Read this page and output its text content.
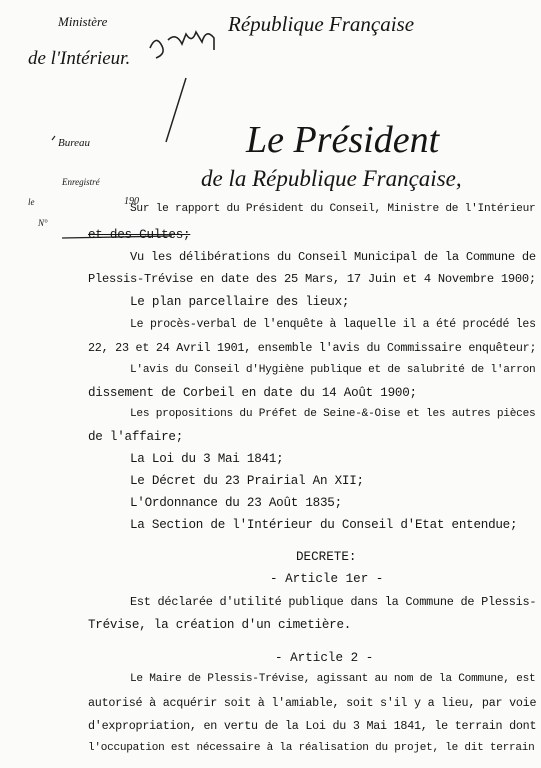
Ministère
de l'Intérieur.
République Française
Bureau
Enregistré
le	190
N°
Le Président
de la République Française,
Sur le rapport du Président du Conseil, Ministre de l'Intérieur
et des Cultes;
Vu les délibérations du Conseil Municipal de la Commune de
Plessis-Trévise en date des 25 Mars, 17 Juin et 4 Novembre 1900;
Le plan parcellaire des lieux;
Le procès-verbal de l'enquête à laquelle il a été procédé les
22, 23 et 24 Avril 1901, ensemble l'avis du Commissaire enquêteur;
L'avis du Conseil d'Hygiène publique et de salubrité de l'arron
dissement de Corbeil en date du 14 Août 1900;
Les propositions du Préfet de Seine-&-Oise et les autres pièces
de l'affaire;
La Loi du 3 Mai 1841;
Le Décret du 23 Prairial An XII;
L'Ordonnance du 23 Août 1835;
La Section de l'Intérieur du Conseil d'Etat entendue;
DECRETE:
- Article 1er -
Est déclarée d'utilité publique dans la Commune de Plessis-
Trévise, la création d'un cimetière.
- Article 2 -
Le Maire de Plessis-Trévise, agissant au nom de la Commune, est
autorisé à acquérir soit à l'amiable, soit s'il y a lieu, par voie
d'expropriation, en vertu de la Loi du 3 Mai 1841, le terrain dont
l'occupation est nécessaire à la réalisation du projet, le dit terrain
